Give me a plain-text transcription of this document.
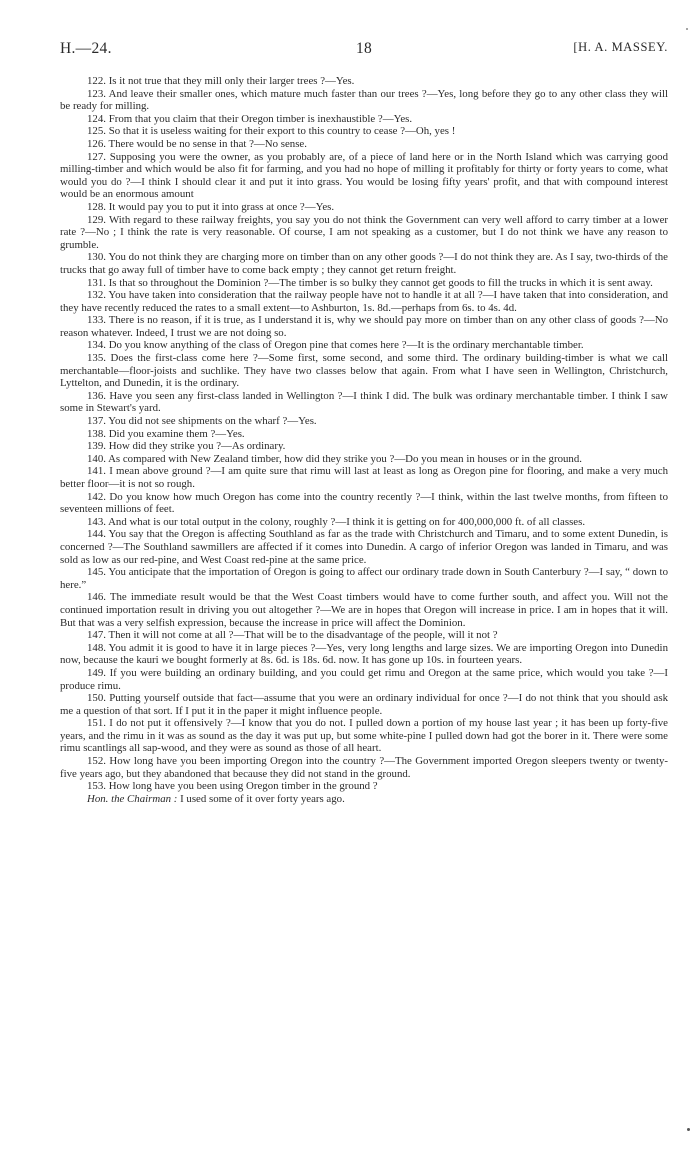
H.—24.	18	[H. A. MASSEY.

122. Is it not true that they mill only their larger trees ?—Yes.

123. And leave their smaller ones, which mature much faster than our trees ?—Yes, long before they go to any other class they will be ready for milling.

124. From that you claim that their Oregon timber is inexhaustible ?—Yes.

125. So that it is useless waiting for their export to this country to cease ?—Oh, yes !

126. There would be no sense in that ?—No sense.

127. Supposing you were the owner, as you probably are, of a piece of land here or in the North Island which was carrying good milling-timber and which would be also fit for farming, and you had no hope of milling it profitably for thirty or forty years to come, what would you do ?—I think I should clear it and put it into grass. You would be losing fifty years' profit, and that with compound interest would be an enormous amount

128. It would pay you to put it into grass at once ?—Yes.

129. With regard to these railway freights, you say you do not think the Government can very well afford to carry timber at a lower rate ?—No ; I think the rate is very reasonable. Of course, I am not speaking as a customer, but I do not think we have any reason to grumble.

130. You do not think they are charging more on timber than on any other goods ?—I do not think they are. As I say, two-thirds of the trucks that go away full of timber have to come back empty ; they cannot get return freight.

131. Is that so throughout the Dominion ?—The timber is so bulky they cannot get goods to fill the trucks in which it is sent away.

132. You have taken into consideration that the railway people have not to handle it at all ?—I have taken that into consideration, and they have recently reduced the rates to a small extent—to Ashburton, 1s. 8d.—perhaps from 6s. to 4s. 4d.

133. There is no reason, if it is true, as I understand it is, why we should pay more on timber than on any other class of goods ?—No reason whatever. Indeed, I trust we are not doing so.

134. Do you know anything of the class of Oregon pine that comes here ?—It is the ordinary merchantable timber.

135. Does the first-class come here ?—Some first, some second, and some third. The ordinary building-timber is what we call merchantable—floor-joists and suchlike. They have two classes below that again. From what I have seen in Wellington, Christchurch, Lyttelton, and Dunedin, it is the ordinary.

136. Have you seen any first-class landed in Wellington ?—I think I did. The bulk was ordinary merchantable timber. I think I saw some in Stewart's yard.

137. You did not see shipments on the wharf ?—Yes.

138. Did you examine them ?—Yes.

139. How did they strike you ?—As ordinary.

140. As compared with New Zealand timber, how did they strike you ?—Do you mean in houses or in the ground.

141. I mean above ground ?—I am quite sure that rimu will last at least as long as Oregon pine for flooring, and make a very much better floor—it is not so rough.

142. Do you know how much Oregon has come into the country recently ?—I think, within the last twelve months, from fifteen to seventeen millions of feet.

143. And what is our total output in the colony, roughly ?—I think it is getting on for 400,000,000 ft. of all classes.

144. You say that the Oregon is affecting Southland as far as the trade with Christchurch and Timaru, and to some extent Dunedin, is concerned ?—The Southland sawmillers are affected if it comes into Dunedin. A cargo of inferior Oregon was landed in Timaru, and was sold as low as our red-pine, and West Coast red-pine at the same price.

145. You anticipate that the importation of Oregon is going to affect our ordinary trade down in South Canterbury ?—I say, “ down to here.”

146. The immediate result would be that the West Coast timbers would have to come further south, and affect you. Will not the continued importation result in driving you out altogether ?—We are in hopes that Oregon will increase in price. I am in hopes that it will. But that was a very selfish expression, because the increase in price will affect the Dominion.

147. Then it will not come at all ?—That will be to the disadvantage of the people, will it not ?

148. You admit it is good to have it in large pieces ?—Yes, very long lengths and large sizes. We are importing Oregon into Dunedin now, because the kauri we bought formerly at 8s. 6d. is 18s. 6d. now. It has gone up 10s. in fourteen years.

149. If you were building an ordinary building, and you could get rimu and Oregon at the same price, which would you take ?—I produce rimu.

150. Putting yourself outside that fact—assume that you were an ordinary individual for once ?—I do not think that you should ask me a question of that sort. If I put it in the paper it might influence people.

151. I do not put it offensively ?—I know that you do not. I pulled down a portion of my house last year ; it has been up forty-five years, and the rimu in it was as sound as the day it was put up, but some white-pine I pulled down had got the borer in it. There were some rimu scantlings all sap-wood, and they were as sound as those of all heart.

152. How long have you been importing Oregon into the country ?—The Government imported Oregon sleepers twenty or twenty-five years ago, but they abandoned that because they did not stand in the ground.

153. How long have you been using Oregon timber in the ground ?

Hon. the Chairman : I used some of it over forty years ago.
